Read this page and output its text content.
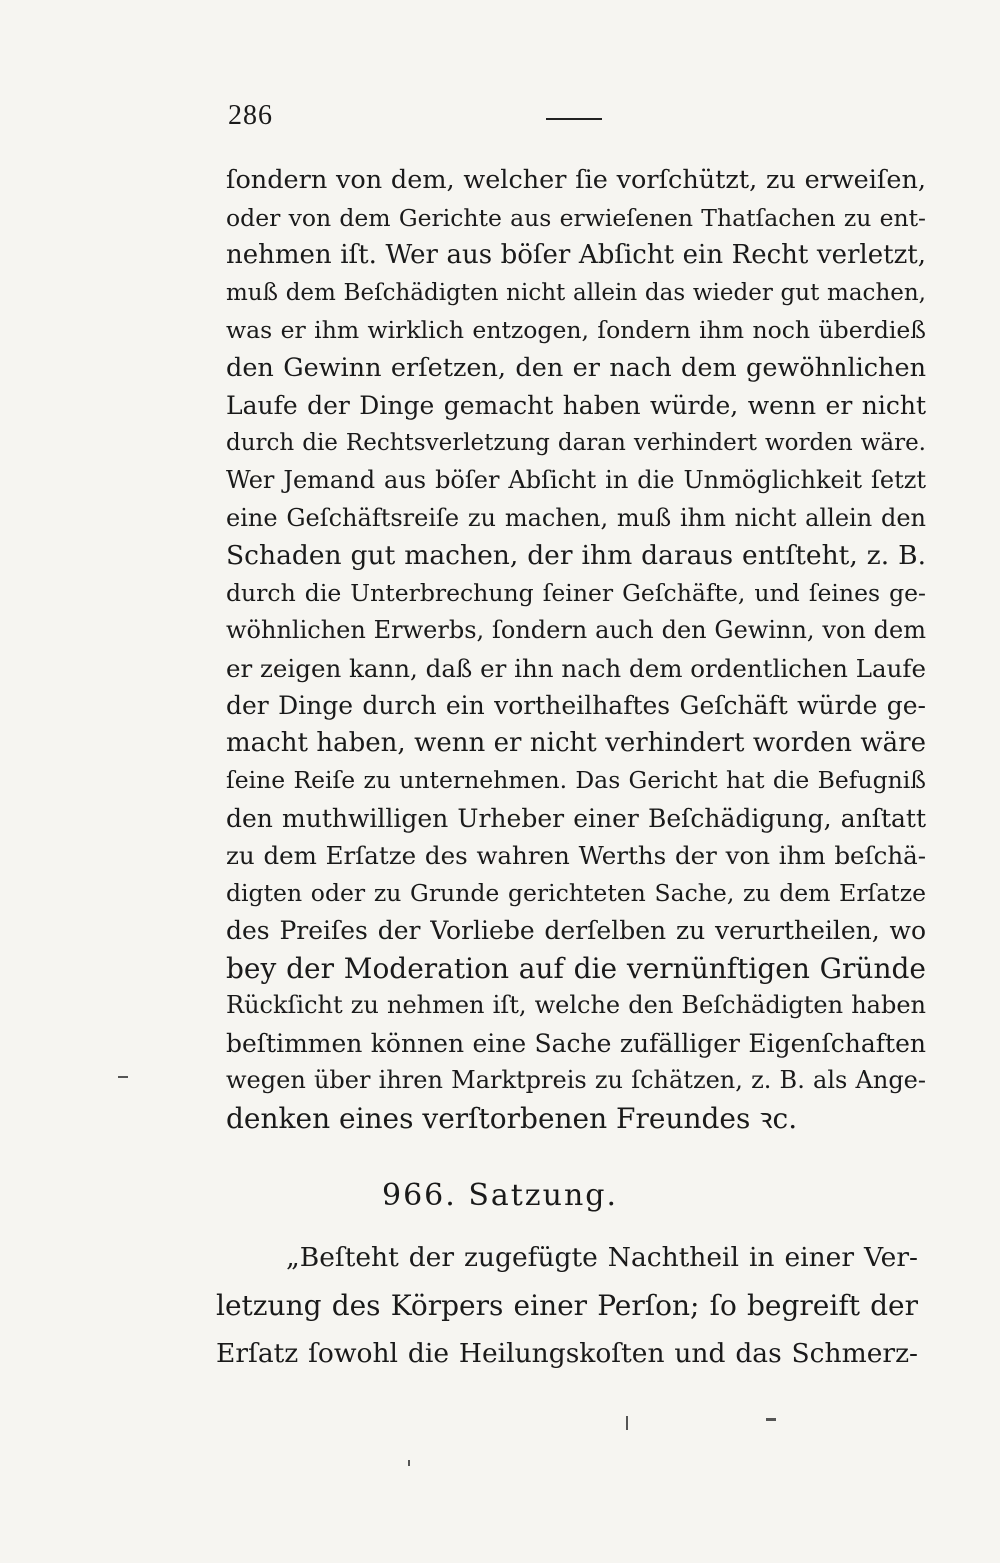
286
ſondern von dem, welcher ſie vorſchützt, zu erweiſen,
oder von dem Gerichte aus erwieſenen Thatſachen zu ent-
nehmen iſt. Wer aus böſer Abſicht ein Recht verletzt,
muß dem Beſchädigten nicht allein das wieder gut machen,
was er ihm wirklich entzogen, ſondern ihm noch überdieß
den Gewinn erſetzen, den er nach dem gewöhnlichen
Laufe der Dinge gemacht haben würde, wenn er nicht
durch die Rechtsverletzung daran verhindert worden wäre.
Wer Jemand aus böſer Abſicht in die Unmöglichkeit ſetzt
eine Geſchäftsreiſe zu machen, muß ihm nicht allein den
Schaden gut machen, der ihm daraus entſteht, z. B.
durch die Unterbrechung ſeiner Geſchäfte, und ſeines ge-
wöhnlichen Erwerbs, ſondern auch den Gewinn, von dem
er zeigen kann, daß er ihn nach dem ordentlichen Laufe
der Dinge durch ein vortheilhaftes Geſchäft würde ge-
macht haben, wenn er nicht verhindert worden wäre
ſeine Reiſe zu unternehmen. Das Gericht hat die Befugniß
den muthwilligen Urheber einer Beſchädigung, anſtatt
zu dem Erſatze des wahren Werths der von ihm beſchä-
digten oder zu Grunde gerichteten Sache, zu dem Erſatze
des Preiſes der Vorliebe derſelben zu verurtheilen, wo
bey der Moderation auf die vernünftigen Gründe
Rückſicht zu nehmen iſt, welche den Beſchädigten haben
beſtimmen können eine Sache zufälliger Eigenſchaften
wegen über ihren Marktpreis zu ſchätzen, z. B. als Ange-
denken eines verſtorbenen Freundes ꝛc.
966. Satzung.
„Beſteht der zugefügte Nachtheil in einer Ver-
letzung des Körpers einer Perſon; ſo begreift der
Erſatz ſowohl die Heilungskoſten und das Schmerz-
